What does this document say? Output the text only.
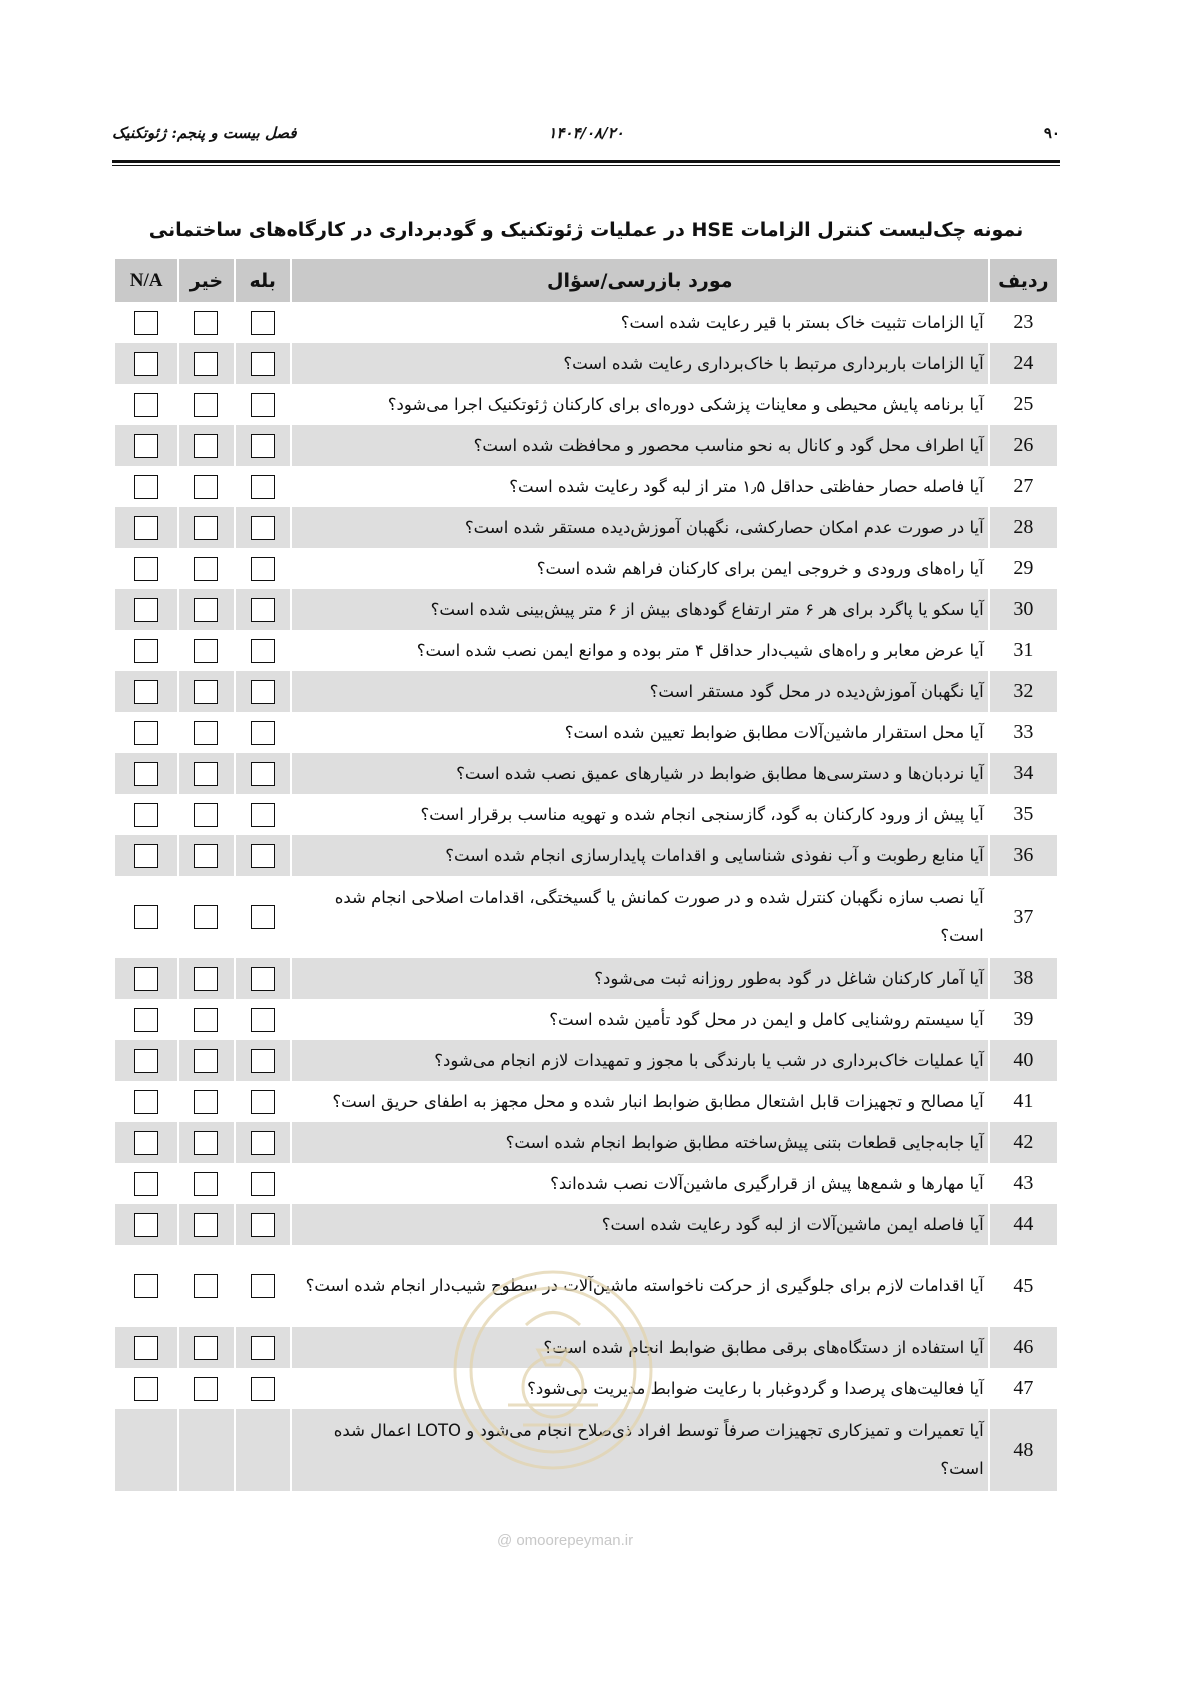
فصل بیست و پنجم: ژئوتکنیک	۱۴۰۴/۰۸/۲۰	۹۰
نمونه چک‌لیست کنترل الزامات HSE در عملیات ژئوتکنیک و گودبرداری در کارگاه‌های ساختمانی
ردیف	مورد بازرسی/سؤال	بله	خیر	N/A
23	آیا الزامات تثبیت خاک بستر با قیر رعایت شده است؟			
24	آیا الزامات باربرداری مرتبط با خاک‌برداری رعایت شده است؟			
25	آیا برنامه پایش محیطی و معاینات پزشکی دوره‌ای برای کارکنان ژئوتکنیک اجرا می‌شود؟			
26	آیا اطراف محل گود و کانال به نحو مناسب محصور و محافظت شده است؟			
27	آیا فاصله حصار حفاظتی حداقل ۱٫۵ متر از لبه گود رعایت شده است؟			
28	آیا در صورت عدم امکان حصارکشی، نگهبان آموزش‌دیده مستقر شده است؟			
29	آیا راه‌های ورودی و خروجی ایمن برای کارکنان فراهم شده است؟			
30	آیا سکو یا پاگرد برای هر ۶ متر ارتفاع گودهای بیش از ۶ متر پیش‌بینی شده است؟			
31	آیا عرض معابر و راه‌های شیب‌دار حداقل ۴ متر بوده و موانع ایمن نصب شده است؟			
32	آیا نگهبان آموزش‌دیده در محل گود مستقر است؟			
33	آیا محل استقرار ماشین‌آلات مطابق ضوابط تعیین شده است؟			
34	آیا نردبان‌ها و دسترسی‌ها مطابق ضوابط در شیارهای عمیق نصب شده است؟			
35	آیا پیش از ورود کارکنان به گود، گازسنجی انجام شده و تهویه مناسب برقرار است؟			
36	آیا منابع رطوبت و آب نفوذی شناسایی و اقدامات پایدارسازی انجام شده است؟			
37	آیا نصب سازه نگهبان کنترل شده و در صورت کمانش یا گسیختگی، اقدامات اصلاحی انجام شده است؟			
38	آیا آمار کارکنان شاغل در گود به‌طور روزانه ثبت می‌شود؟			
39	آیا سیستم روشنایی کامل و ایمن در محل گود تأمین شده است؟			
40	آیا عملیات خاک‌برداری در شب یا بارندگی با مجوز و تمهیدات لازم انجام می‌شود؟			
41	آیا مصالح و تجهیزات قابل اشتعال مطابق ضوابط انبار شده و محل مجهز به اطفای حریق است؟			
42	آیا جابه‌جایی قطعات بتنی پیش‌ساخته مطابق ضوابط انجام شده است؟			
43	آیا مهارها و شمع‌ها پیش از قرارگیری ماشین‌آلات نصب شده‌اند؟			
44	آیا فاصله ایمن ماشین‌آلات از لبه گود رعایت شده است؟			
45	آیا اقدامات لازم برای جلوگیری از حرکت ناخواسته ماشین‌آلات در سطوح شیب‌دار انجام شده است؟			
46	آیا استفاده از دستگاه‌های برقی مطابق ضوابط انجام شده است؟			
47	آیا فعالیت‌های پرصدا و گردوغبار با رعایت ضوابط مدیریت می‌شود؟			
48	آیا تعمیرات و تمیزکاری تجهیزات صرفاً توسط افراد ذی‌صلاح انجام می‌شود و LOTO اعمال شده است؟			
@ omoorepeyman.ir
